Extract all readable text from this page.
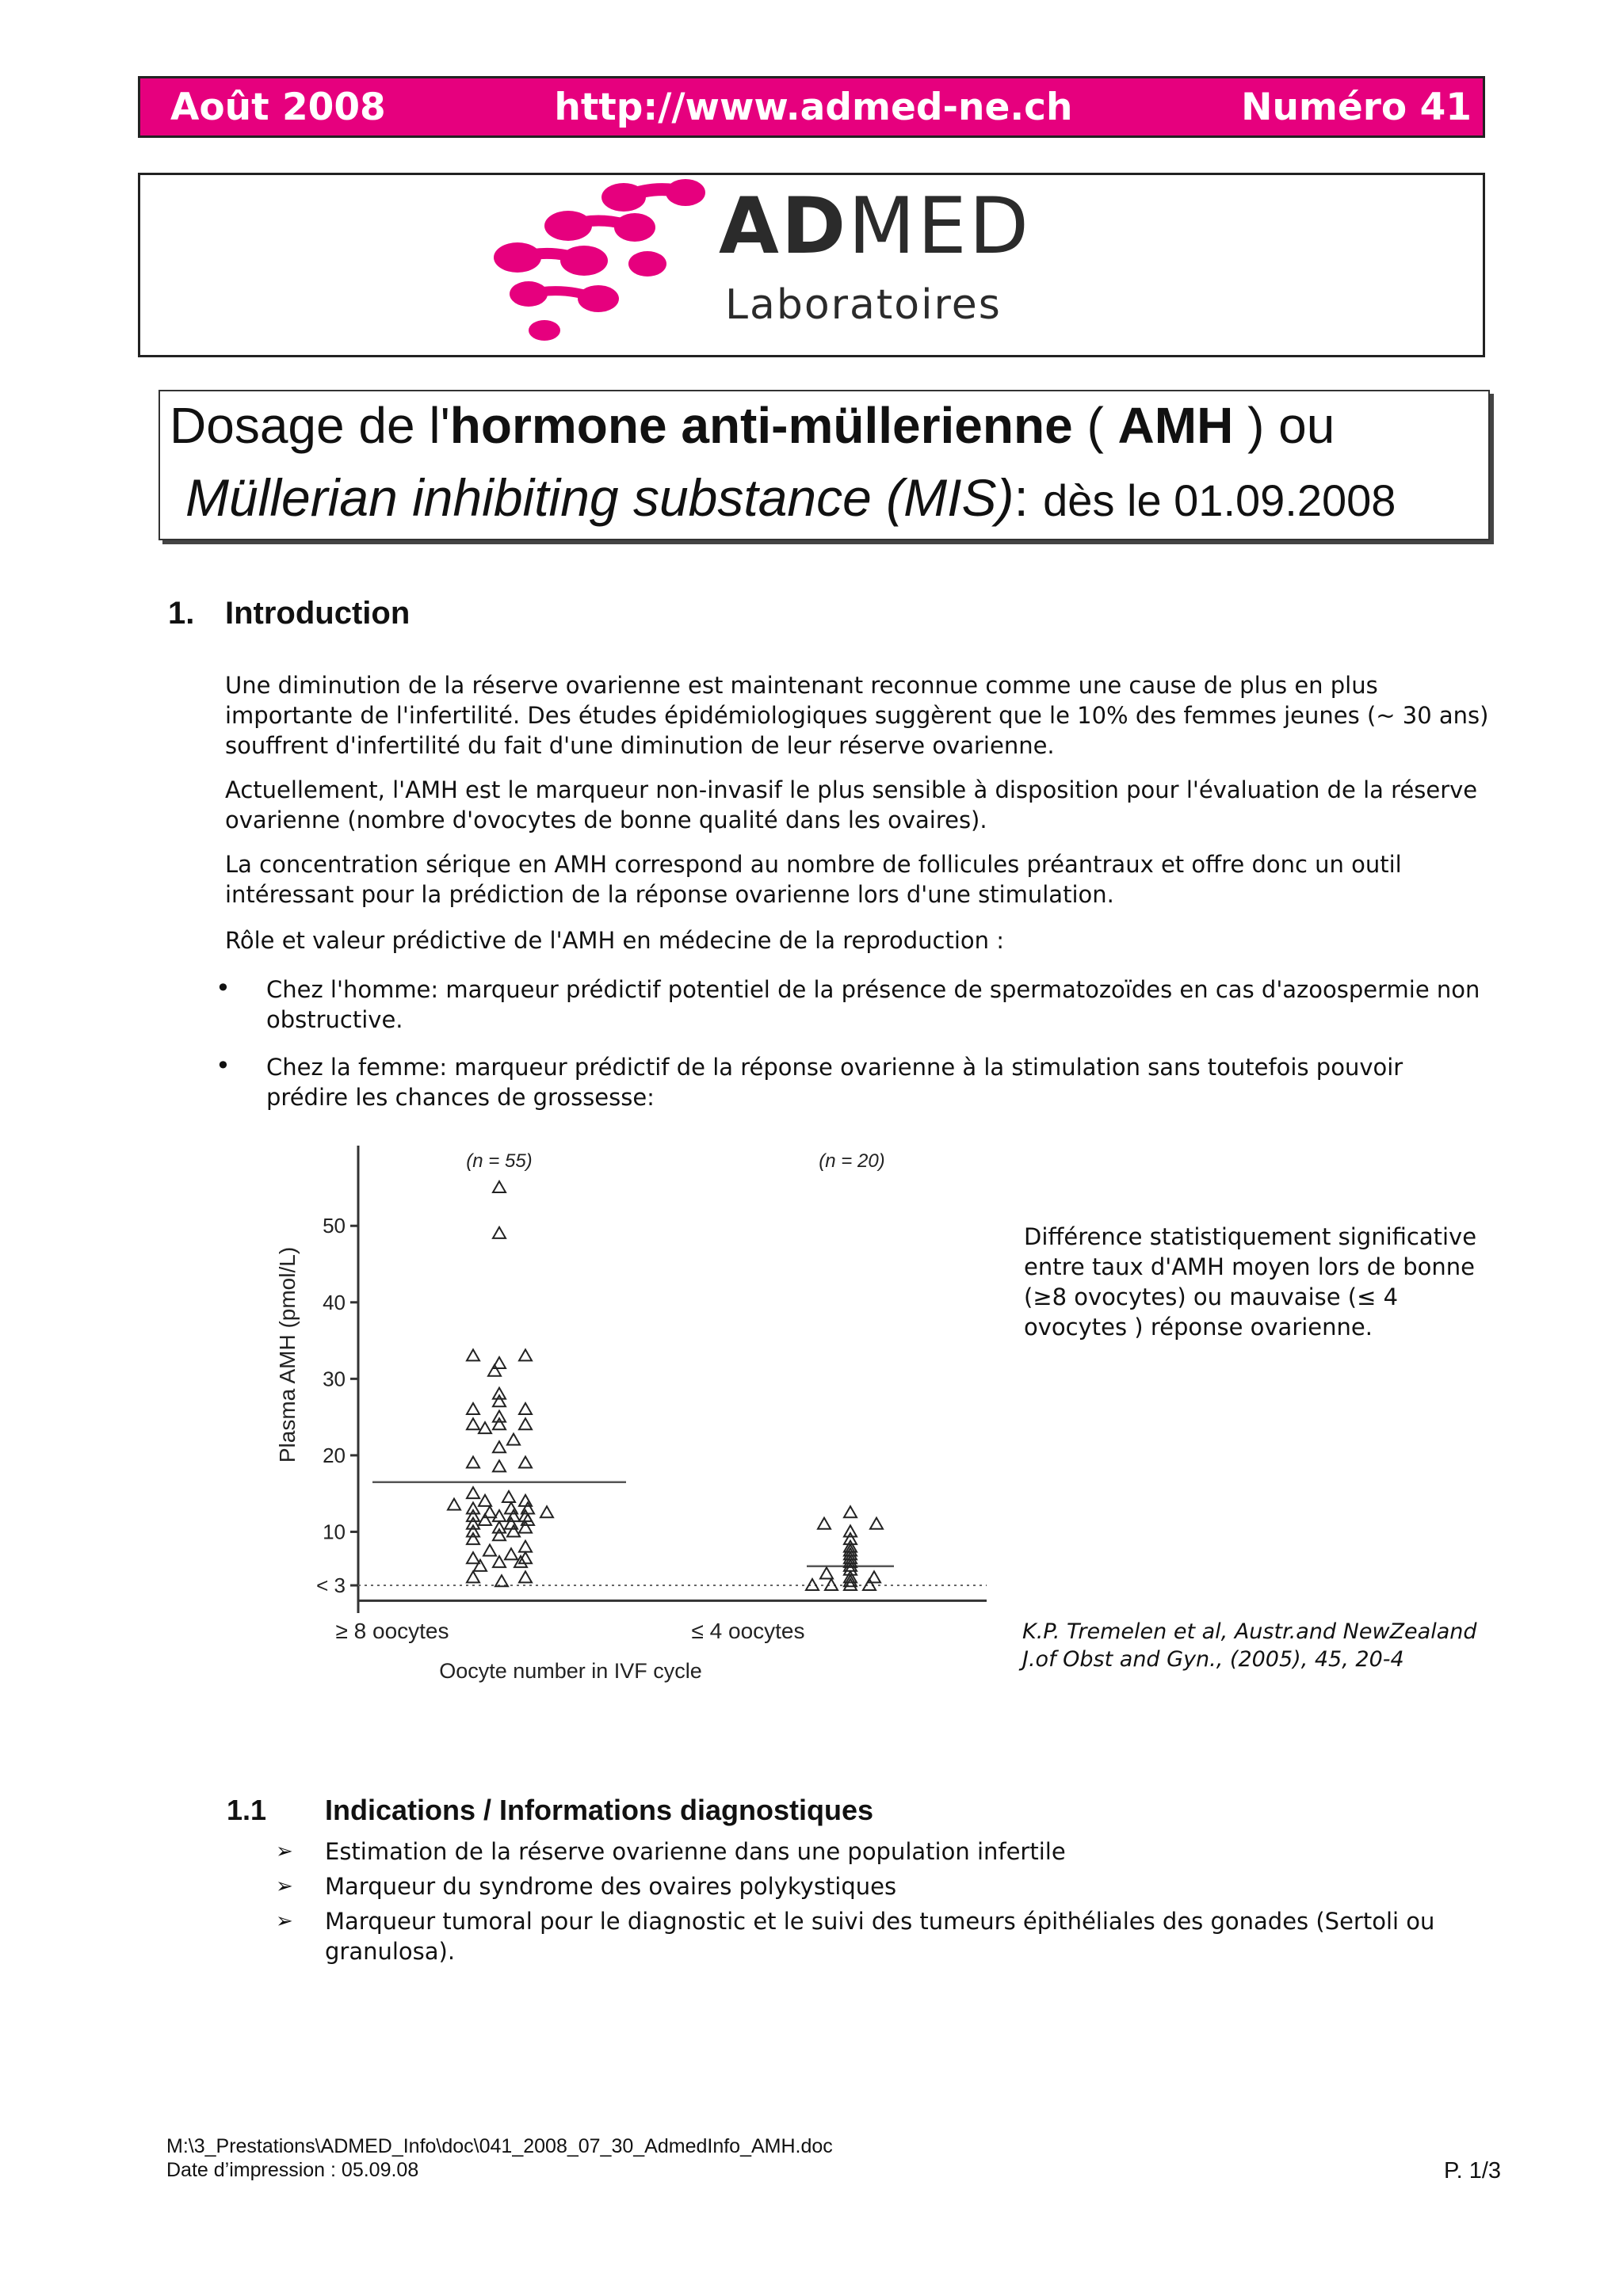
Août 2008	http://www.admed-ne.ch	Numéro 41
ADMED
Laboratoires
Dosage de l'hormone anti-müllerienne ( AMH ) ou
Müllerian inhibiting substance (MIS): dès le 01.09.2008
1. Introduction
Une diminution de la réserve ovarienne est maintenant reconnue comme une cause de plus en plus importante de l'infertilité. Des études épidémiologiques suggèrent que le 10% des femmes jeunes (~ 30 ans) souffrent d'infertilité du fait d'une diminution de leur réserve ovarienne.
Actuellement, l'AMH est le marqueur non-invasif le plus sensible à disposition pour l'évaluation de la réserve ovarienne (nombre d'ovocytes de bonne qualité dans les ovaires).
La concentration sérique en AMH correspond au nombre de follicules préantraux et offre donc un outil intéressant pour la prédiction de la réponse ovarienne lors d'une stimulation.
Rôle et valeur prédictive de l'AMH en médecine de la reproduction :
• Chez l'homme: marqueur prédictif potentiel de la présence de spermatozoïdes en cas d'azoospermie non obstructive.
• Chez la femme: marqueur prédictif de la réponse ovarienne à la stimulation sans toutefois pouvoir prédire les chances de grossesse:
< 3
10
20
30
40
50
Plasma AMH (pmol/L)
Oocyte number in IVF cycle
≥ 8 oocytes	≤ 4 oocytes
(n = 55)	(n = 20)
Différence statistiquement significative entre taux d'AMH moyen lors de bonne (≥8 ovocytes) ou mauvaise (≤ 4 ovocytes ) réponse ovarienne.
K.P. Tremelen et al, Austr.and NewZealand J.of Obst and Gyn., (2005), 45, 20-4
1.1 Indications / Informations diagnostiques
➢ Estimation de la réserve ovarienne dans une population infertile
➢ Marqueur du syndrome des ovaires polykystiques
➢ Marqueur tumoral pour le diagnostic et le suivi des tumeurs épithéliales des gonades (Sertoli ou granulosa).
M:\3_Prestations\ADMED_Info\doc\041_2008_07_30_AdmedInfo_AMH.doc
Date d’impression : 05.09.08	P. 1/3
